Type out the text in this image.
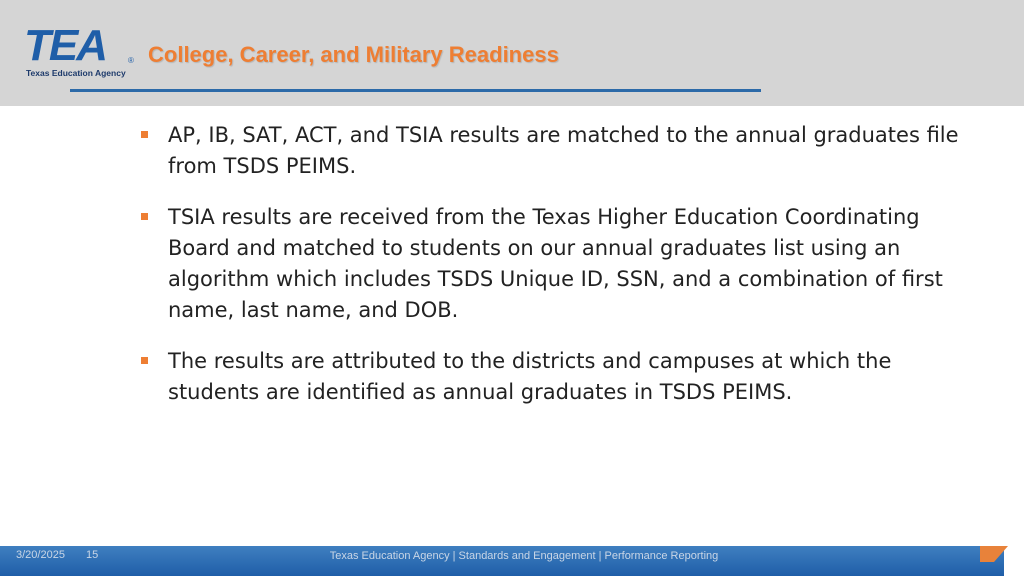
TEA	®
Texas Education Agency
College, Career, and Military Readiness
AP, IB, SAT, ACT, and TSIA results are matched to the annual graduates file from TSDS PEIMS.
TSIA results are received from the Texas Higher Education Coordinating Board and matched to students on our annual graduates list using an algorithm which includes TSDS Unique ID, SSN, and a combination of first name, last name, and DOB.
The results are attributed to the districts and campuses at which the students are identified as annual graduates in TSDS PEIMS.
3/20/2025 15	Texas Education Agency | Standards and Engagement | Performance Reporting
